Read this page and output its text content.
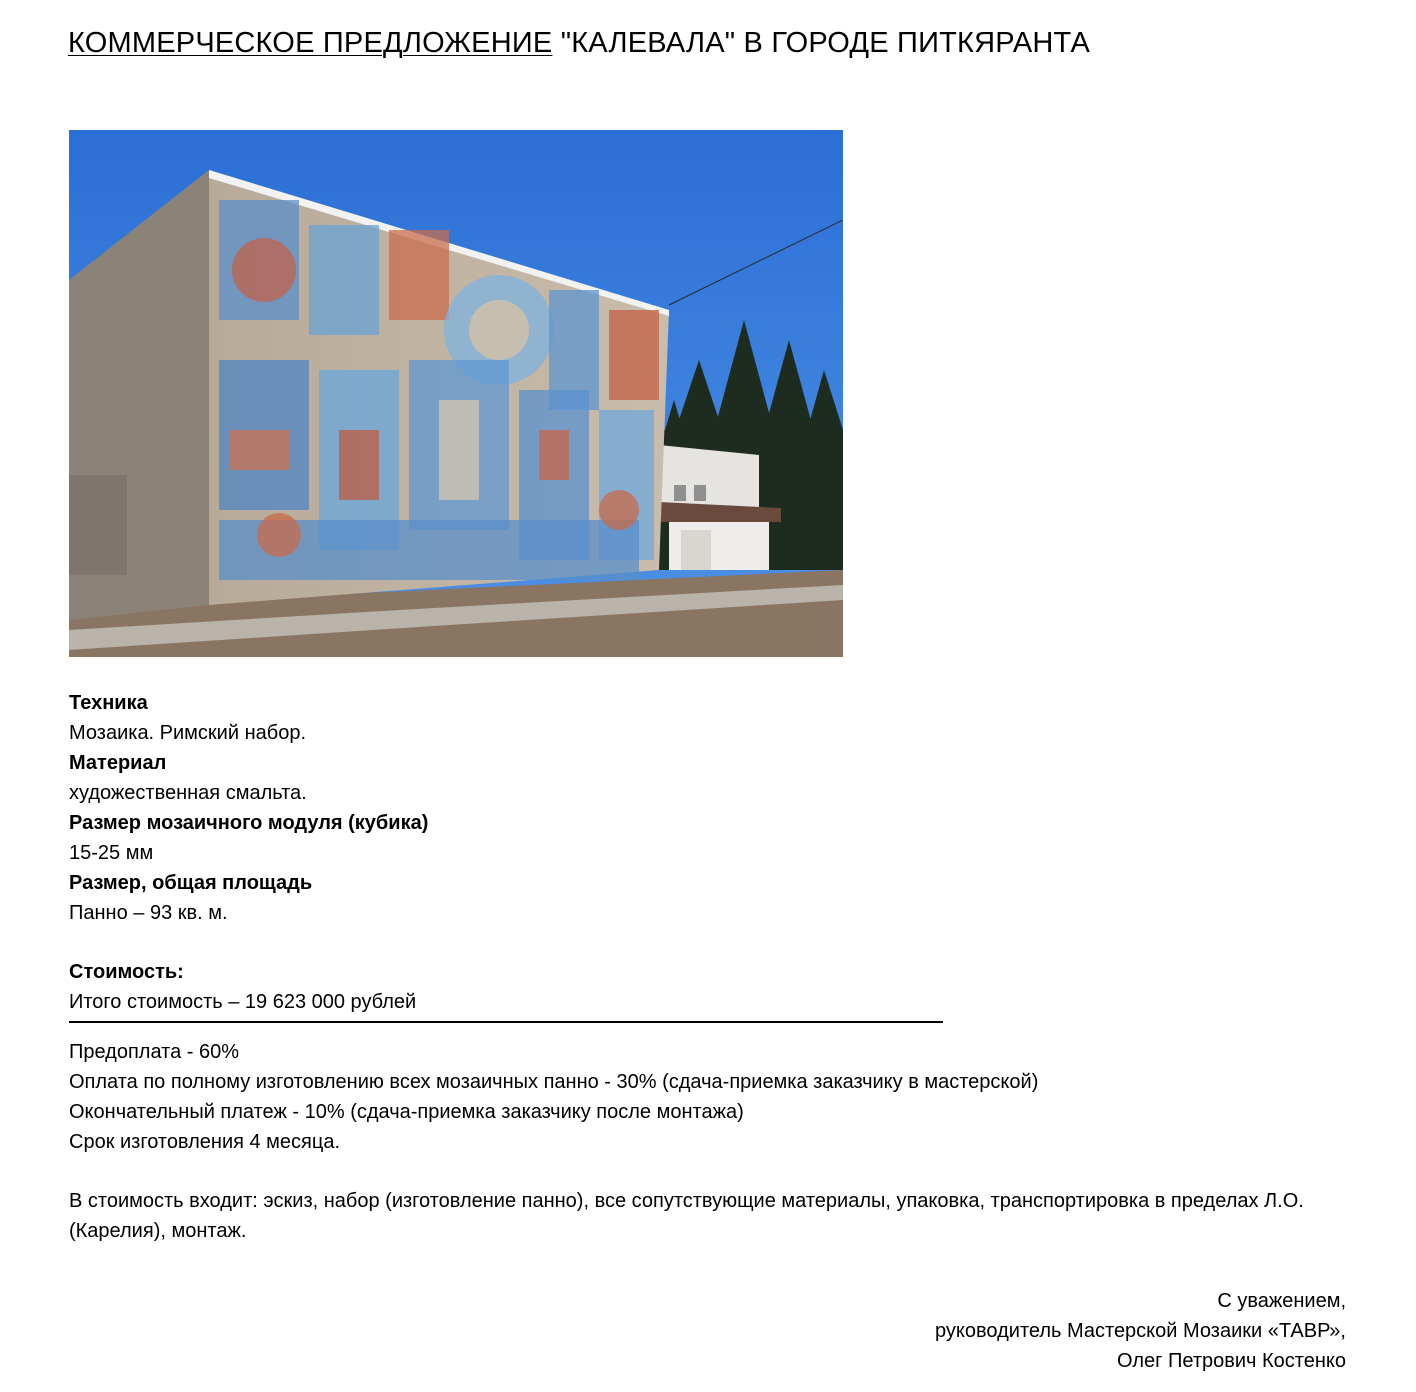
КОММЕРЧЕСКОЕ ПРЕДЛОЖЕНИЕ "КАЛЕВАЛА" В ГОРОДЕ ПИТКЯРАНТА
Техника
Мозаика. Римский набор.
Материал
художественная смальта.
Размер мозаичного модуля (кубика)
15-25 мм
Размер, общая площадь
Панно – 93 кв. м.
Стоимость:
Итого стоимость – 19 623 000 рублей
Предоплата - 60%
Оплата по полному изготовлению всех мозаичных панно - 30% (сдача-приемка заказчику в мастерской)
Окончательный платеж - 10% (сдача-приемка заказчику после монтажа)
Срок изготовления 4 месяца.
В стоимость входит: эскиз, набор (изготовление панно), все сопутствующие материалы, упаковка, транспортировка в пределах Л.О. (Карелия), монтаж.
С уважением,
руководитель Мастерской Мозаики «ТАВР»,
Олег Петрович Костенко
